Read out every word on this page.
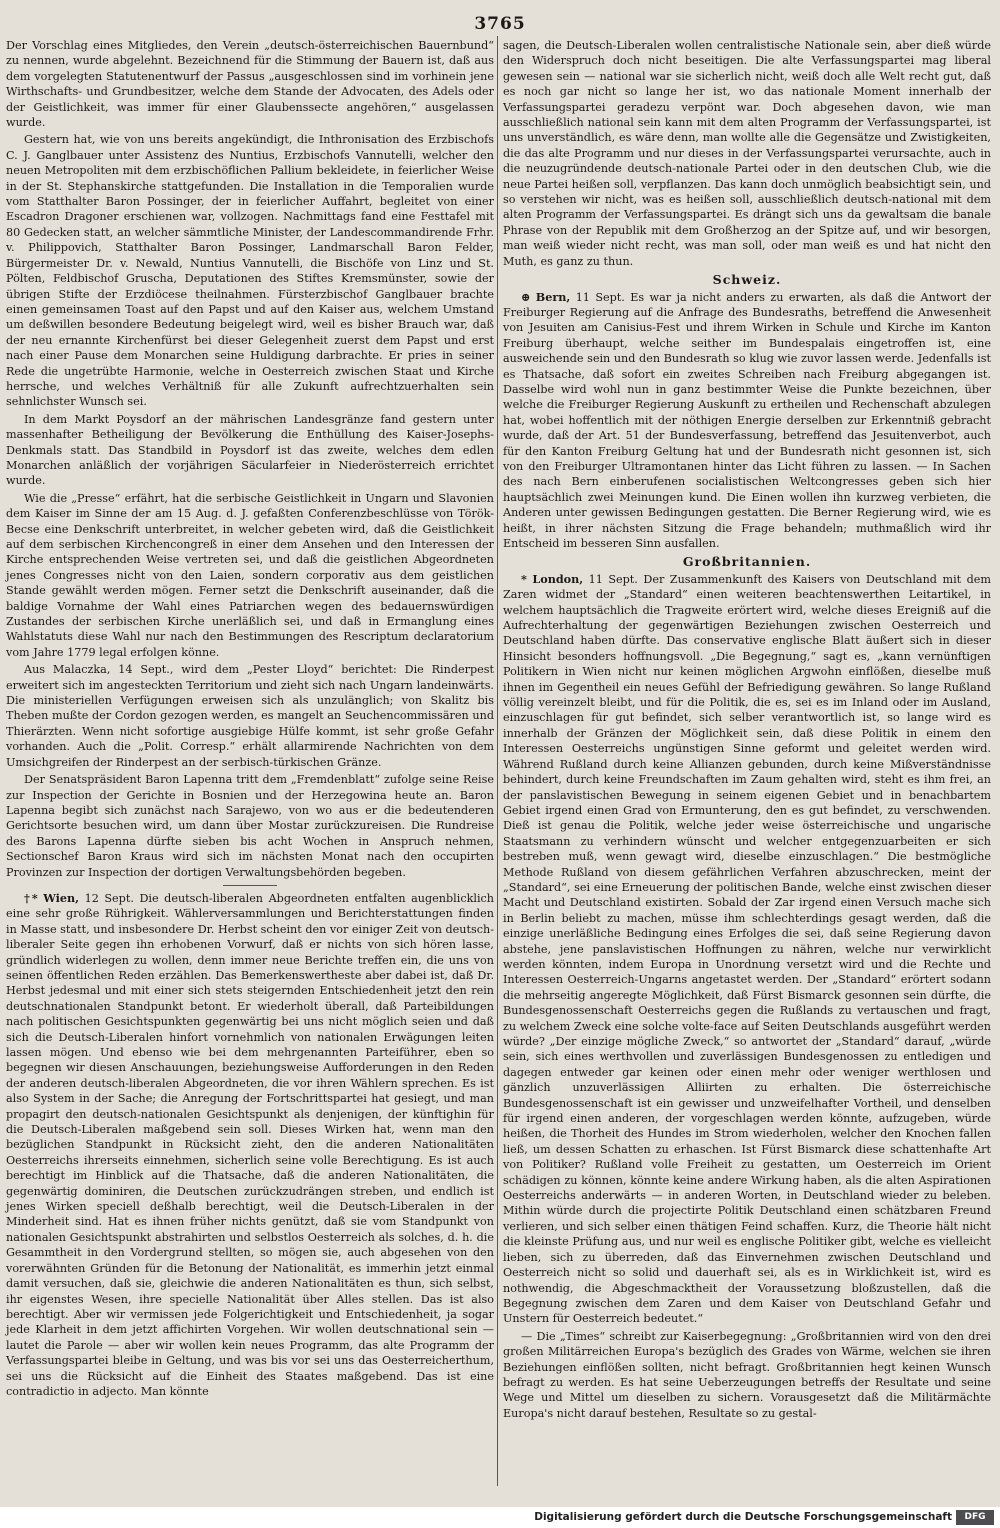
3765

Der Vorschlag eines Mitgliedes, den Verein „deutsch-österreichischen Bauernbund“ zu nennen, wurde abgelehnt. Bezeichnend für die Stimmung der Bauern ist, daß aus dem vorgelegten Statutenentwurf der Passus „ausgeschlossen sind im vorhinein jene Wirthschafts- und Grundbesitzer, welche dem Stande der Advocaten, des Adels oder der Geistlichkeit, was immer für einer Glaubenssecte angehören,“ ausgelassen wurde.

Gestern hat, wie von uns bereits angekündigt, die Inthronisation des Erzbischofs C. J. Ganglbauer unter Assistenz des Nuntius, Erzbischofs Vannutelli, welcher den neuen Metropoliten mit dem erzbischöflichen Pallium bekleidete, in feierlicher Weise in der St. Stephanskirche stattgefunden. Die Installation in die Temporalien wurde vom Statthalter Baron Possinger, der in feierlicher Auffahrt, begleitet von einer Escadron Dragoner erschienen war, vollzogen. Nachmittags fand eine Festtafel mit 80 Gedecken statt, an welcher sämmtliche Minister, der Landescommandirende Frhr. v. Philippovich, Statthalter Baron Possinger, Landmarschall Baron Felder, Bürgermeister Dr. v. Newald, Nuntius Vannutelli, die Bischöfe von Linz und St. Pölten, Feldbischof Gruscha, Deputationen des Stiftes Kremsmünster, sowie der übrigen Stifte der Erzdiöcese theilnahmen. Fürsterzbischof Ganglbauer brachte einen gemeinsamen Toast auf den Papst und auf den Kaiser aus, welchem Umstand um deßwillen besondere Bedeutung beigelegt wird, weil es bisher Brauch war, daß der neu ernannte Kirchenfürst bei dieser Gelegenheit zuerst dem Papst und erst nach einer Pause dem Monarchen seine Huldigung darbrachte. Er pries in seiner Rede die ungetrübte Harmonie, welche in Oesterreich zwischen Staat und Kirche herrsche, und welches Verhältniß für alle Zukunft aufrechtzuerhalten sein sehnlichster Wunsch sei.

In dem Markt Poysdorf an der mährischen Landesgränze fand gestern unter massenhafter Betheiligung der Bevölkerung die Enthüllung des Kaiser-Josephs-Denkmals statt. Das Standbild in Poysdorf ist das zweite, welches dem edlen Monarchen anläßlich der vorjährigen Säcularfeier in Niederösterreich errichtet wurde.

Wie die „Presse“ erfährt, hat die serbische Geistlichkeit in Ungarn und Slavonien dem Kaiser im Sinne der am 15 Aug. d. J. gefaßten Conferenzbeschlüsse von Török-Becse eine Denkschrift unterbreitet, in welcher gebeten wird, daß die Geistlichkeit auf dem serbischen Kirchencongreß in einer dem Ansehen und den Interessen der Kirche entsprechenden Weise vertreten sei, und daß die geistlichen Abgeordneten jenes Congresses nicht von den Laien, sondern corporativ aus dem geistlichen Stande gewählt werden mögen. Ferner setzt die Denkschrift auseinander, daß die baldige Vornahme der Wahl eines Patriarchen wegen des bedauernswürdigen Zustandes der serbischen Kirche unerläßlich sei, und daß in Ermanglung eines Wahlstatuts diese Wahl nur nach den Bestimmungen des Rescriptum declaratorium vom Jahre 1779 legal erfolgen könne.

Aus Malaczka, 14 Sept., wird dem „Pester Lloyd“ berichtet: Die Rinderpest erweitert sich im angesteckten Territorium und zieht sich nach Ungarn landeinwärts. Die ministeriellen Verfügungen erweisen sich als unzulänglich; von Skalitz bis Theben mußte der Cordon gezogen werden, es mangelt an Seuchencommissären und Thierärzten. Wenn nicht sofortige ausgiebige Hülfe kommt, ist sehr große Gefahr vorhanden. Auch die „Polit. Corresp.“ erhält allarmirende Nachrichten von dem Umsichgreifen der Rinderpest an der serbisch-türkischen Gränze.

Der Senatspräsident Baron Lapenna tritt dem „Fremdenblatt“ zufolge seine Reise zur Inspection der Gerichte in Bosnien und der Herzegowina heute an. Baron Lapenna begibt sich zunächst nach Sarajewo, von wo aus er die bedeutenderen Gerichtsorte besuchen wird, um dann über Mostar zurückzureisen. Die Rundreise des Barons Lapenna dürfte sieben bis acht Wochen in Anspruch nehmen, Sectionschef Baron Kraus wird sich im nächsten Monat nach den occupirten Provinzen zur Inspection der dortigen Verwaltungsbehörden begeben.

†* Wien, 12 Sept. Die deutsch-liberalen Abgeordneten entfalten augenblicklich eine sehr große Rührigkeit. Wählerversammlungen und Berichterstattungen finden in Masse statt, und insbesondere Dr. Herbst scheint den vor einiger Zeit von deutsch-liberaler Seite gegen ihn erhobenen Vorwurf, daß er nichts von sich hören lasse, gründlich widerlegen zu wollen, denn immer neue Berichte treffen ein, die uns von seinen öffentlichen Reden erzählen. Das Bemerkenswertheste aber dabei ist, daß Dr. Herbst jedesmal und mit einer sich stets steigernden Entschiedenheit jetzt den rein deutschnationalen Standpunkt betont. Er wiederholt überall, daß Parteibildungen nach politischen Gesichtspunkten gegenwärtig bei uns nicht möglich seien und daß sich die Deutsch-Liberalen hinfort vornehmlich von nationalen Erwägungen leiten lassen mögen. Und ebenso wie bei dem mehrgenannten Parteiführer, eben so begegnen wir diesen Anschauungen, beziehungsweise Aufforderungen in den Reden der anderen deutsch-liberalen Abgeordneten, die vor ihren Wählern sprechen. Es ist also System in der Sache; die Anregung der Fortschrittspartei hat gesiegt, und man propagirt den deutsch-nationalen Gesichtspunkt als denjenigen, der künftighin für die Deutsch-Liberalen maßgebend sein soll. Dieses Wirken hat, wenn man den bezüglichen Standpunkt in Rücksicht zieht, den die anderen Nationalitäten Oesterreichs ihrerseits einnehmen, sicherlich seine volle Berechtigung. Es ist auch berechtigt im Hinblick auf die Thatsache, daß die anderen Nationalitäten, die gegenwärtig dominiren, die Deutschen zurückzudrängen streben, und endlich ist jenes Wirken speciell deßhalb berechtigt, weil die Deutsch-Liberalen in der Minderheit sind. Hat es ihnen früher nichts genützt, daß sie vom Standpunkt von nationalen Gesichtspunkt abstrahirten und selbstlos Oesterreich als solches, d. h. die Gesammtheit in den Vordergrund stellten, so mögen sie, auch abgesehen von den vorerwähnten Gründen für die Betonung der Nationalität, es immerhin jetzt einmal damit versuchen, daß sie, gleichwie die anderen Nationalitäten es thun, sich selbst, ihr eigenstes Wesen, ihre specielle Nationalität über Alles stellen. Das ist also berechtigt. Aber wir vermissen jede Folgerichtigkeit und Entschiedenheit, ja sogar jede Klarheit in dem jetzt affichirten Vorgehen. Wir wollen deutschnational sein — lautet die Parole — aber wir wollen kein neues Programm, das alte Programm der Verfassungspartei bleibe in Geltung, und was bis vor sei uns das Oesterreicherthum, sei uns die Rücksicht auf die Einheit des Staates maßgebend. Das ist eine contradictio in adjecto. Man könnte

sagen, die Deutsch-Liberalen wollen centralistische Nationale sein, aber dieß würde den Widerspruch doch nicht beseitigen. Die alte Verfassungspartei mag liberal gewesen sein — national war sie sicherlich nicht, weiß doch alle Welt recht gut, daß es noch gar nicht so lange her ist, wo das nationale Moment innerhalb der Verfassungspartei geradezu verpönt war. Doch abgesehen davon, wie man ausschließlich national sein kann mit dem alten Programm der Verfassungspartei, ist uns unverständlich, es wäre denn, man wollte alle die Gegensätze und Zwistigkeiten, die das alte Programm und nur dieses in der Verfassungspartei verursachte, auch in die neuzugründende deutsch-nationale Partei oder in den deutschen Club, wie die neue Partei heißen soll, verpflanzen. Das kann doch unmöglich beabsichtigt sein, und so verstehen wir nicht, was es heißen soll, ausschließlich deutsch-national mit dem alten Programm der Verfassungspartei. Es drängt sich uns da gewaltsam die banale Phrase von der Republik mit dem Großherzog an der Spitze auf, und wir besorgen, man weiß wieder nicht recht, was man soll, oder man weiß es und hat nicht den Muth, es ganz zu thun.

Schweiz.

⊕ Bern, 11 Sept. Es war ja nicht anders zu erwarten, als daß die Antwort der Freiburger Regierung auf die Anfrage des Bundesraths, betreffend die Anwesenheit von Jesuiten am Canisius-Fest und ihrem Wirken in Schule und Kirche im Kanton Freiburg überhaupt, welche seither im Bundespalais eingetroffen ist, eine ausweichende sein und den Bundesrath so klug wie zuvor lassen werde. Jedenfalls ist es Thatsache, daß sofort ein zweites Schreiben nach Freiburg abgegangen ist. Dasselbe wird wohl nun in ganz bestimmter Weise die Punkte bezeichnen, über welche die Freiburger Regierung Auskunft zu ertheilen und Rechenschaft abzulegen hat, wobei hoffentlich mit der nöthigen Energie derselben zur Erkenntniß gebracht wurde, daß der Art. 51 der Bundesverfassung, betreffend das Jesuitenverbot, auch für den Kanton Freiburg Geltung hat und der Bundesrath nicht gesonnen ist, sich von den Freiburger Ultramontanen hinter das Licht führen zu lassen. — In Sachen des nach Bern einberufenen socialistischen Weltcongresses geben sich hier hauptsächlich zwei Meinungen kund. Die Einen wollen ihn kurzweg verbieten, die Anderen unter gewissen Bedingungen gestatten. Die Berner Regierung wird, wie es heißt, in ihrer nächsten Sitzung die Frage behandeln; muthmaßlich wird ihr Entscheid im besseren Sinn ausfallen.

Großbritannien.

* London, 11 Sept. Der Zusammenkunft des Kaisers von Deutschland mit dem Zaren widmet der „Standard“ einen weiteren beachtenswerthen Leitartikel, in welchem hauptsächlich die Tragweite erörtert wird, welche dieses Ereigniß auf die Aufrechterhaltung der gegenwärtigen Beziehungen zwischen Oesterreich und Deutschland haben dürfte. Das conservative englische Blatt äußert sich in dieser Hinsicht besonders hoffnungsvoll. „Die Begegnung,“ sagt es, „kann vernünftigen Politikern in Wien nicht nur keinen möglichen Argwohn einflößen, dieselbe muß ihnen im Gegentheil ein neues Gefühl der Befriedigung gewähren. So lange Rußland völlig vereinzelt bleibt, und für die Politik, die es, sei es im Inland oder im Ausland, einzuschlagen für gut befindet, sich selber verantwortlich ist, so lange wird es innerhalb der Gränzen der Möglichkeit sein, daß diese Politik in einem den Interessen Oesterreichs ungünstigen Sinne geformt und geleitet werden wird. Während Rußland durch keine Allianzen gebunden, durch keine Mißverständnisse behindert, durch keine Freundschaften im Zaum gehalten wird, steht es ihm frei, an der panslavistischen Bewegung in seinem eigenen Gebiet und in benachbartem Gebiet irgend einen Grad von Ermunterung, den es gut befindet, zu verschwenden. Dieß ist genau die Politik, welche jeder weise österreichische und ungarische Staatsmann zu verhindern wünscht und welcher entgegenzuarbeiten er sich bestreben muß, wenn gewagt wird, dieselbe einzuschlagen.“ Die bestmögliche Methode Rußland von diesem gefährlichen Verfahren abzuschrecken, meint der „Standard“, sei eine Erneuerung der politischen Bande, welche einst zwischen dieser Macht und Deutschland existirten. Sobald der Zar irgend einen Versuch mache sich in Berlin beliebt zu machen, müsse ihm schlechterdings gesagt werden, daß die einzige unerläßliche Bedingung eines Erfolges die sei, daß seine Regierung davon abstehe, jene panslavistischen Hoffnungen zu nähren, welche nur verwirklicht werden könnten, indem Europa in Unordnung versetzt wird und die Rechte und Interessen Oesterreich-Ungarns angetastet werden. Der „Standard“ erörtert sodann die mehrseitig angeregte Möglichkeit, daß Fürst Bismarck gesonnen sein dürfte, die Bundesgenossenschaft Oesterreichs gegen die Rußlands zu vertauschen und fragt, zu welchem Zweck eine solche volte-face auf Seiten Deutschlands ausgeführt werden würde? „Der einzige mögliche Zweck,“ so antwortet der „Standard“ darauf, „würde sein, sich eines werthvollen und zuverlässigen Bundesgenossen zu entledigen und dagegen entweder gar keinen oder einen mehr oder weniger werthlosen und gänzlich unzuverlässigen Alliirten zu erhalten. Die österreichische Bundesgenossenschaft ist ein gewisser und unzweifelhafter Vortheil, und denselben für irgend einen anderen, der vorgeschlagen werden könnte, aufzugeben, würde heißen, die Thorheit des Hundes im Strom wiederholen, welcher den Knochen fallen ließ, um dessen Schatten zu erhaschen. Ist Fürst Bismarck diese schattenhafte Art von Politiker? Rußland volle Freiheit zu gestatten, um Oesterreich im Orient schädigen zu können, könnte keine andere Wirkung haben, als die alten Aspirationen Oesterreichs anderwärts — in anderen Worten, in Deutschland wieder zu beleben. Mithin würde durch die projectirte Politik Deutschland einen schätzbaren Freund verlieren, und sich selber einen thätigen Feind schaffen. Kurz, die Theorie hält nicht die kleinste Prüfung aus, und nur weil es englische Politiker gibt, welche es vielleicht lieben, sich zu überreden, daß das Einvernehmen zwischen Deutschland und Oesterreich nicht so solid und dauerhaft sei, als es in Wirklichkeit ist, wird es nothwendig, die Abgeschmacktheit der Voraussetzung bloßzustellen, daß die Begegnung zwischen dem Zaren und dem Kaiser von Deutschland Gefahr und Unstern für Oesterreich bedeutet.“

— Die „Times“ schreibt zur Kaiserbegegnung: „Großbritannien wird von den drei großen Militärreichen Europa's bezüglich des Grades von Wärme, welchen sie ihren Beziehungen einflößen sollten, nicht befragt. Großbritannien hegt keinen Wunsch befragt zu werden. Es hat seine Ueberzeugungen betreffs der Resultate und seine Wege und Mittel um dieselben zu sichern. Vorausgesetzt daß die Militärmächte Europa's nicht darauf bestehen, Resultate so zu gestal-

Digitalisierung gefördert durch die Deutsche Forschungsgemeinschaft	DFG
